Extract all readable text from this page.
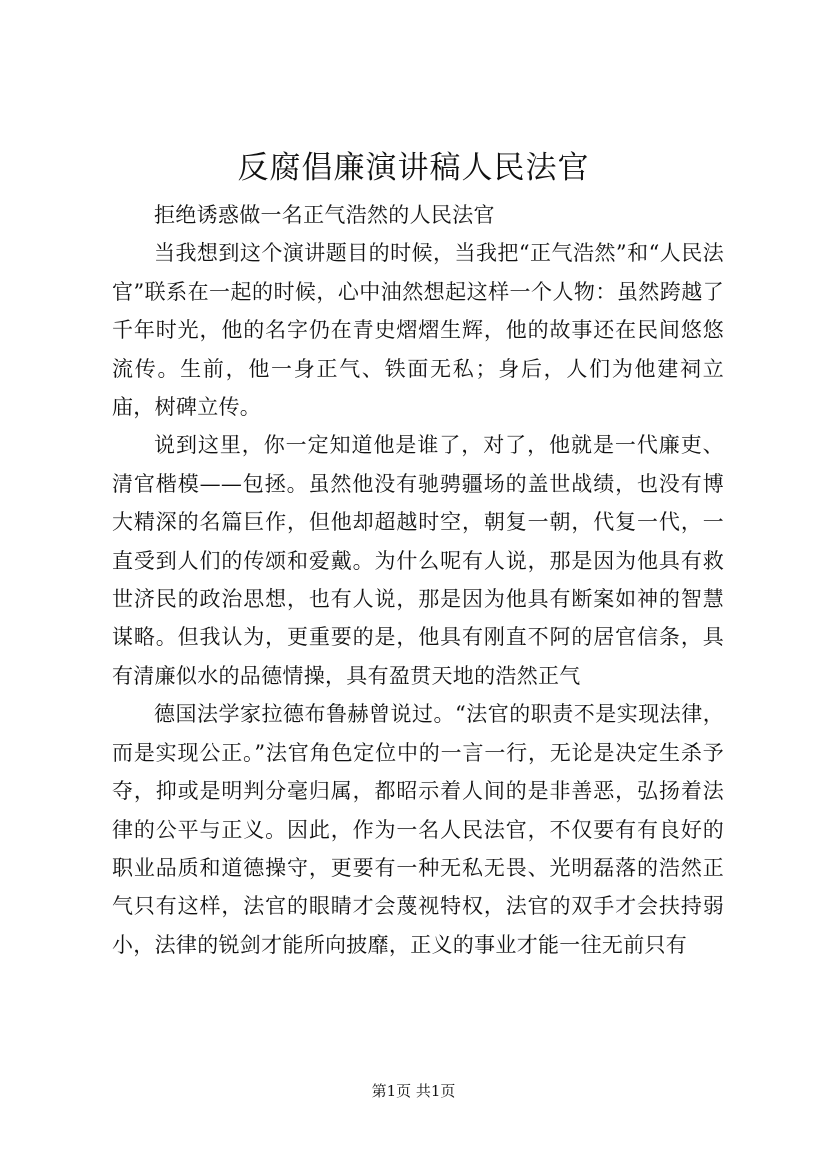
反腐倡廉演讲稿人民法官

拒绝诱惑做一名正气浩然的人民法官

当我想到这个演讲题目的时候，当我把“正气浩然”和“人民法官”联系在一起的时候，心中油然想起这样一个人物：虽然跨越了千年时光，他的名字仍在青史熠熠生辉，他的故事还在民间悠悠流传。生前，他一身正气、铁面无私；身后，人们为他建祠立庙，树碑立传。

说到这里，你一定知道他是谁了，对了，他就是一代廉吏、清官楷模——包拯。虽然他没有驰骋疆场的盖世战绩，也没有博大精深的名篇巨作，但他却超越时空，朝复一朝，代复一代，一直受到人们的传颂和爱戴。为什么呢有人说，那是因为他具有救世济民的政治思想，也有人说，那是因为他具有断案如神的智慧谋略。但我认为，更重要的是，他具有刚直不阿的居官信条，具有清廉似水的品德情操，具有盈贯天地的浩然正气

德国法学家拉德布鲁赫曾说过。“法官的职责不是实现法律，而是实现公正。”法官角色定位中的一言一行，无论是决定生杀予夺，抑或是明判分毫归属，都昭示着人间的是非善恶，弘扬着法律的公平与正义。因此，作为一名人民法官，不仅要有有良好的职业品质和道德操守，更要有一种无私无畏、光明磊落的浩然正气只有这样，法官的眼睛才会蔑视特权，法官的双手才会扶持弱小，法律的锐剑才能所向披靡，正义的事业才能一往无前只有

第1页 共1页
